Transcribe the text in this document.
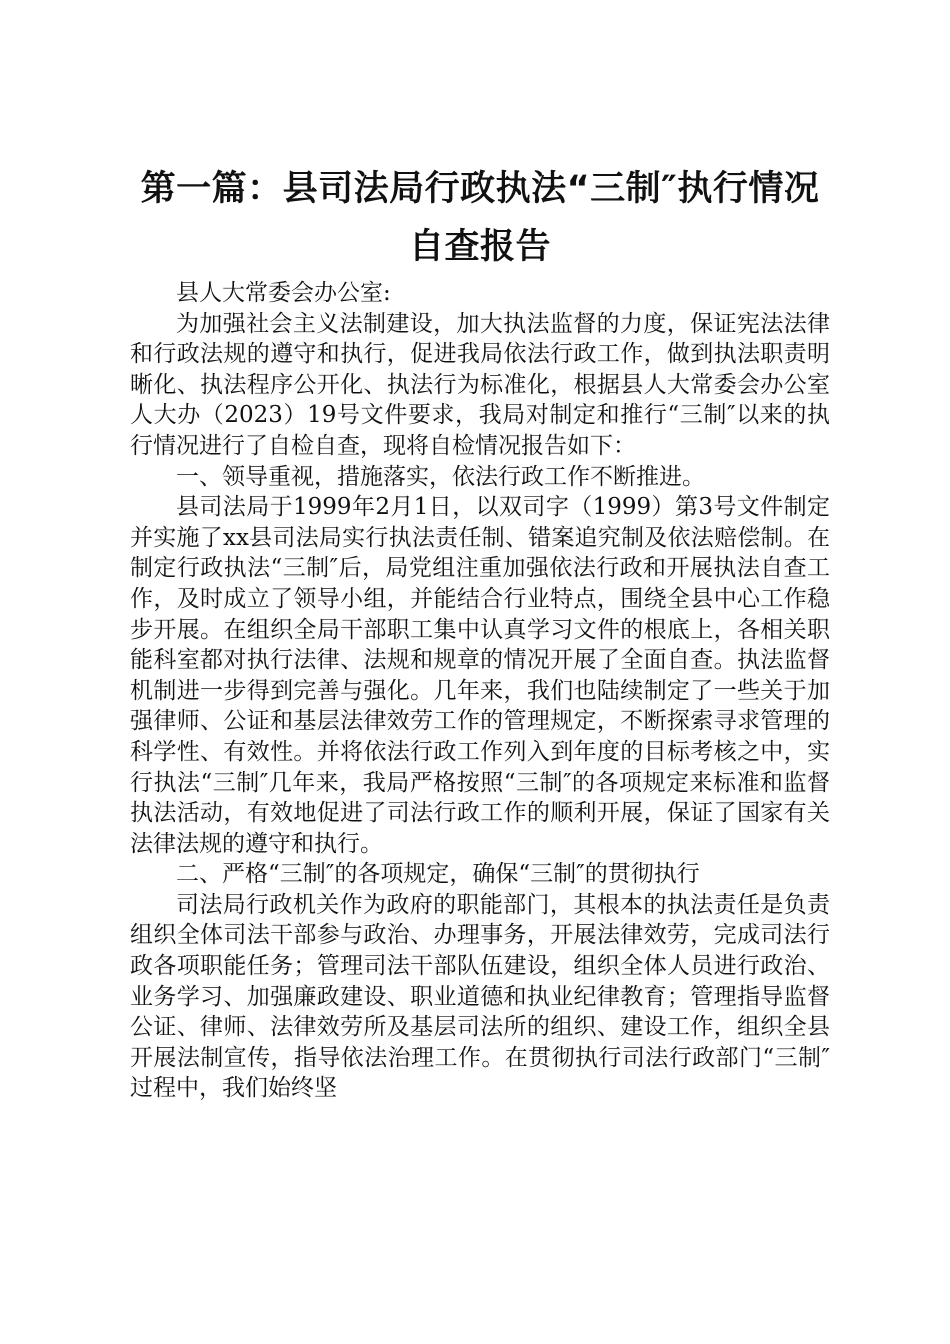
第一篇：县司法局行政执法“三制″执行情况
自查报告

县人大常委会办公室:

为加强社会主义法制建设，加大执法监督的力度，保证宪法法律和行政法规的遵守和执行，促进我局依法行政工作，做到执法职责明晰化、执法程序公开化、执法行为标准化，根据县人大常委会办公室人大办（2023）19号文件要求，我局对制定和推行“三制″以来的执行情况进行了自检自查，现将自检情况报告如下：

一、领导重视，措施落实，依法行政工作不断推进。

县司法局于1999年2月1日，以双司字（1999）第3号文件制定并实施了xx县司法局实行执法责任制、错案追究制及依法赔偿制。在制定行政执法“三制″后，局党组注重加强依法行政和开展执法自查工作，及时成立了领导小组，并能结合行业特点，围绕全县中心工作稳步开展。在组织全局干部职工集中认真学习文件的根底上，各相关职能科室都对执行法律、法规和规章的情况开展了全面自查。执法监督机制进一步得到完善与强化。几年来，我们也陆续制定了一些关于加强律师、公证和基层法律效劳工作的管理规定，不断探索寻求管理的科学性、有效性。并将依法行政工作列入到年度的目标考核之中，实行执法“三制″几年来，我局严格按照“三制″的各项规定来标准和监督执法活动，有效地促进了司法行政工作的顺利开展，保证了国家有关法律法规的遵守和执行。

二、严格“三制″的各项规定，确保“三制″的贯彻执行

司法局行政机关作为政府的职能部门，其根本的执法责任是负责组织全体司法干部参与政治、办理事务，开展法律效劳，完成司法行政各项职能任务；管理司法干部队伍建设，组织全体人员进行政治、业务学习、加强廉政建设、职业道德和执业纪律教育；管理指导监督公证、律师、法律效劳所及基层司法所的组织、建设工作，组织全县开展法制宣传，指导依法治理工作。在贯彻执行司法行政部门“三制″过程中，我们始终坚
